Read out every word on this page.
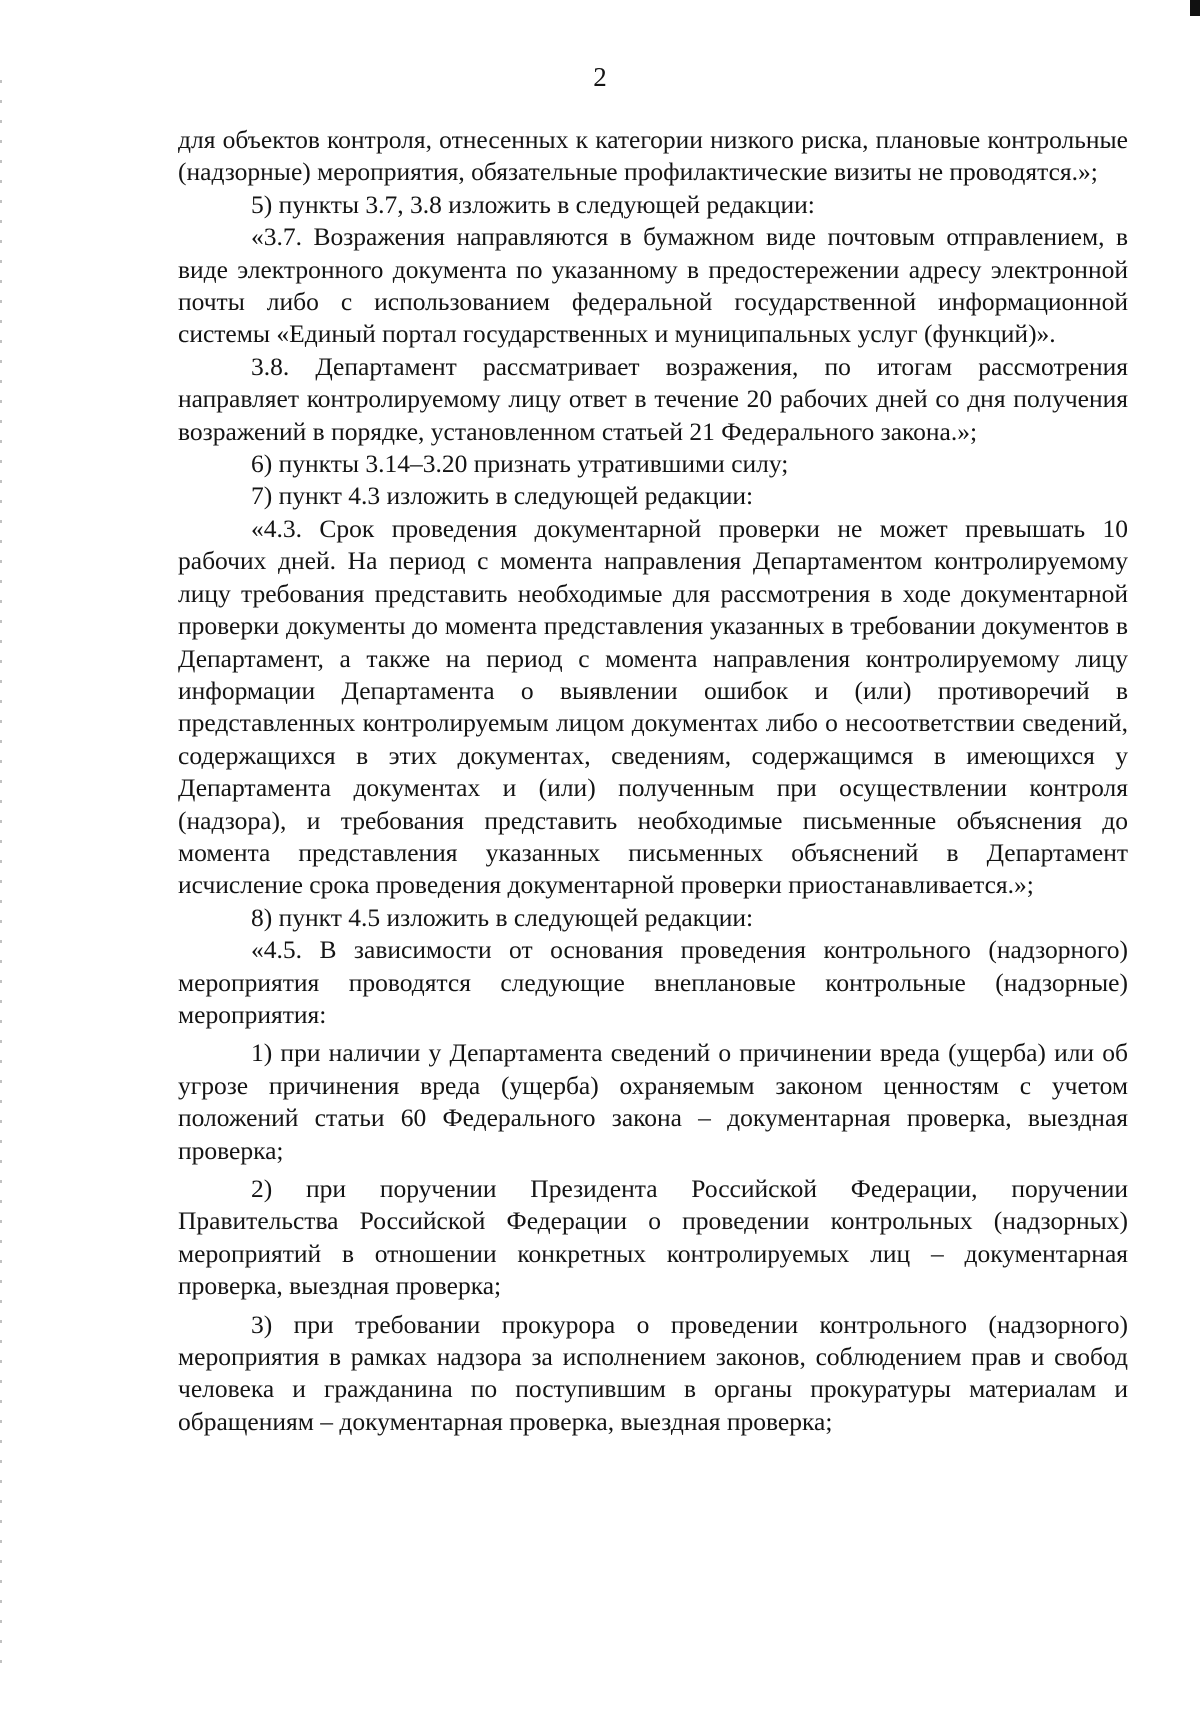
2

для объектов контроля, отнесенных к категории низкого риска, плановые контрольные (надзорные) мероприятия, обязательные профилактические визиты не проводятся.»;

5) пункты 3.7, 3.8 изложить в следующей редакции:

«3.7. Возражения направляются в бумажном виде почтовым отправлением, в виде электронного документа по указанному в предостережении адресу электронной почты либо с использованием федеральной государственной информационной системы «Единый портал государственных и муниципальных услуг (функций)».

3.8. Департамент рассматривает возражения, по итогам рассмотрения направляет контролируемому лицу ответ в течение 20 рабочих дней со дня получения возражений в порядке, установленном статьей 21 Федерального закона.»;

6) пункты 3.14–3.20 признать утратившими силу;

7) пункт 4.3 изложить в следующей редакции:

«4.3. Срок проведения документарной проверки не может превышать 10 рабочих дней. На период с момента направления Департаментом контролируемому лицу требования представить необходимые для рассмотрения в ходе документарной проверки документы до момента представления указанных в требовании документов в Департамент, а также на период с момента направления контролируемому лицу информации Департамента о выявлении ошибок и (или) противоречий в представленных контролируемым лицом документах либо о несоответствии сведений, содержащихся в этих документах, сведениям, содержащимся в имеющихся у Департамента документах и (или) полученным при осуществлении контроля (надзора), и требования представить необходимые письменные объяснения до момента представления указанных письменных объяснений в Департамент исчисление срока проведения документарной проверки приостанавливается.»;

8) пункт 4.5 изложить в следующей редакции:

«4.5. В зависимости от основания проведения контрольного (надзорного) мероприятия проводятся следующие внеплановые контрольные (надзорные) мероприятия:

1) при наличии у Департамента сведений о причинении вреда (ущерба) или об угрозе причинения вреда (ущерба) охраняемым законом ценностям с учетом положений статьи 60 Федерального закона – документарная проверка, выездная проверка;

2) при поручении Президента Российской Федерации, поручении Правительства Российской Федерации о проведении контрольных (надзорных) мероприятий в отношении конкретных контролируемых лиц – документарная проверка, выездная проверка;

3) при требовании прокурора о проведении контрольного (надзорного) мероприятия в рамках надзора за исполнением законов, соблюдением прав и свобод человека и гражданина по поступившим в органы прокуратуры материалам и обращениям – документарная проверка, выездная проверка;
